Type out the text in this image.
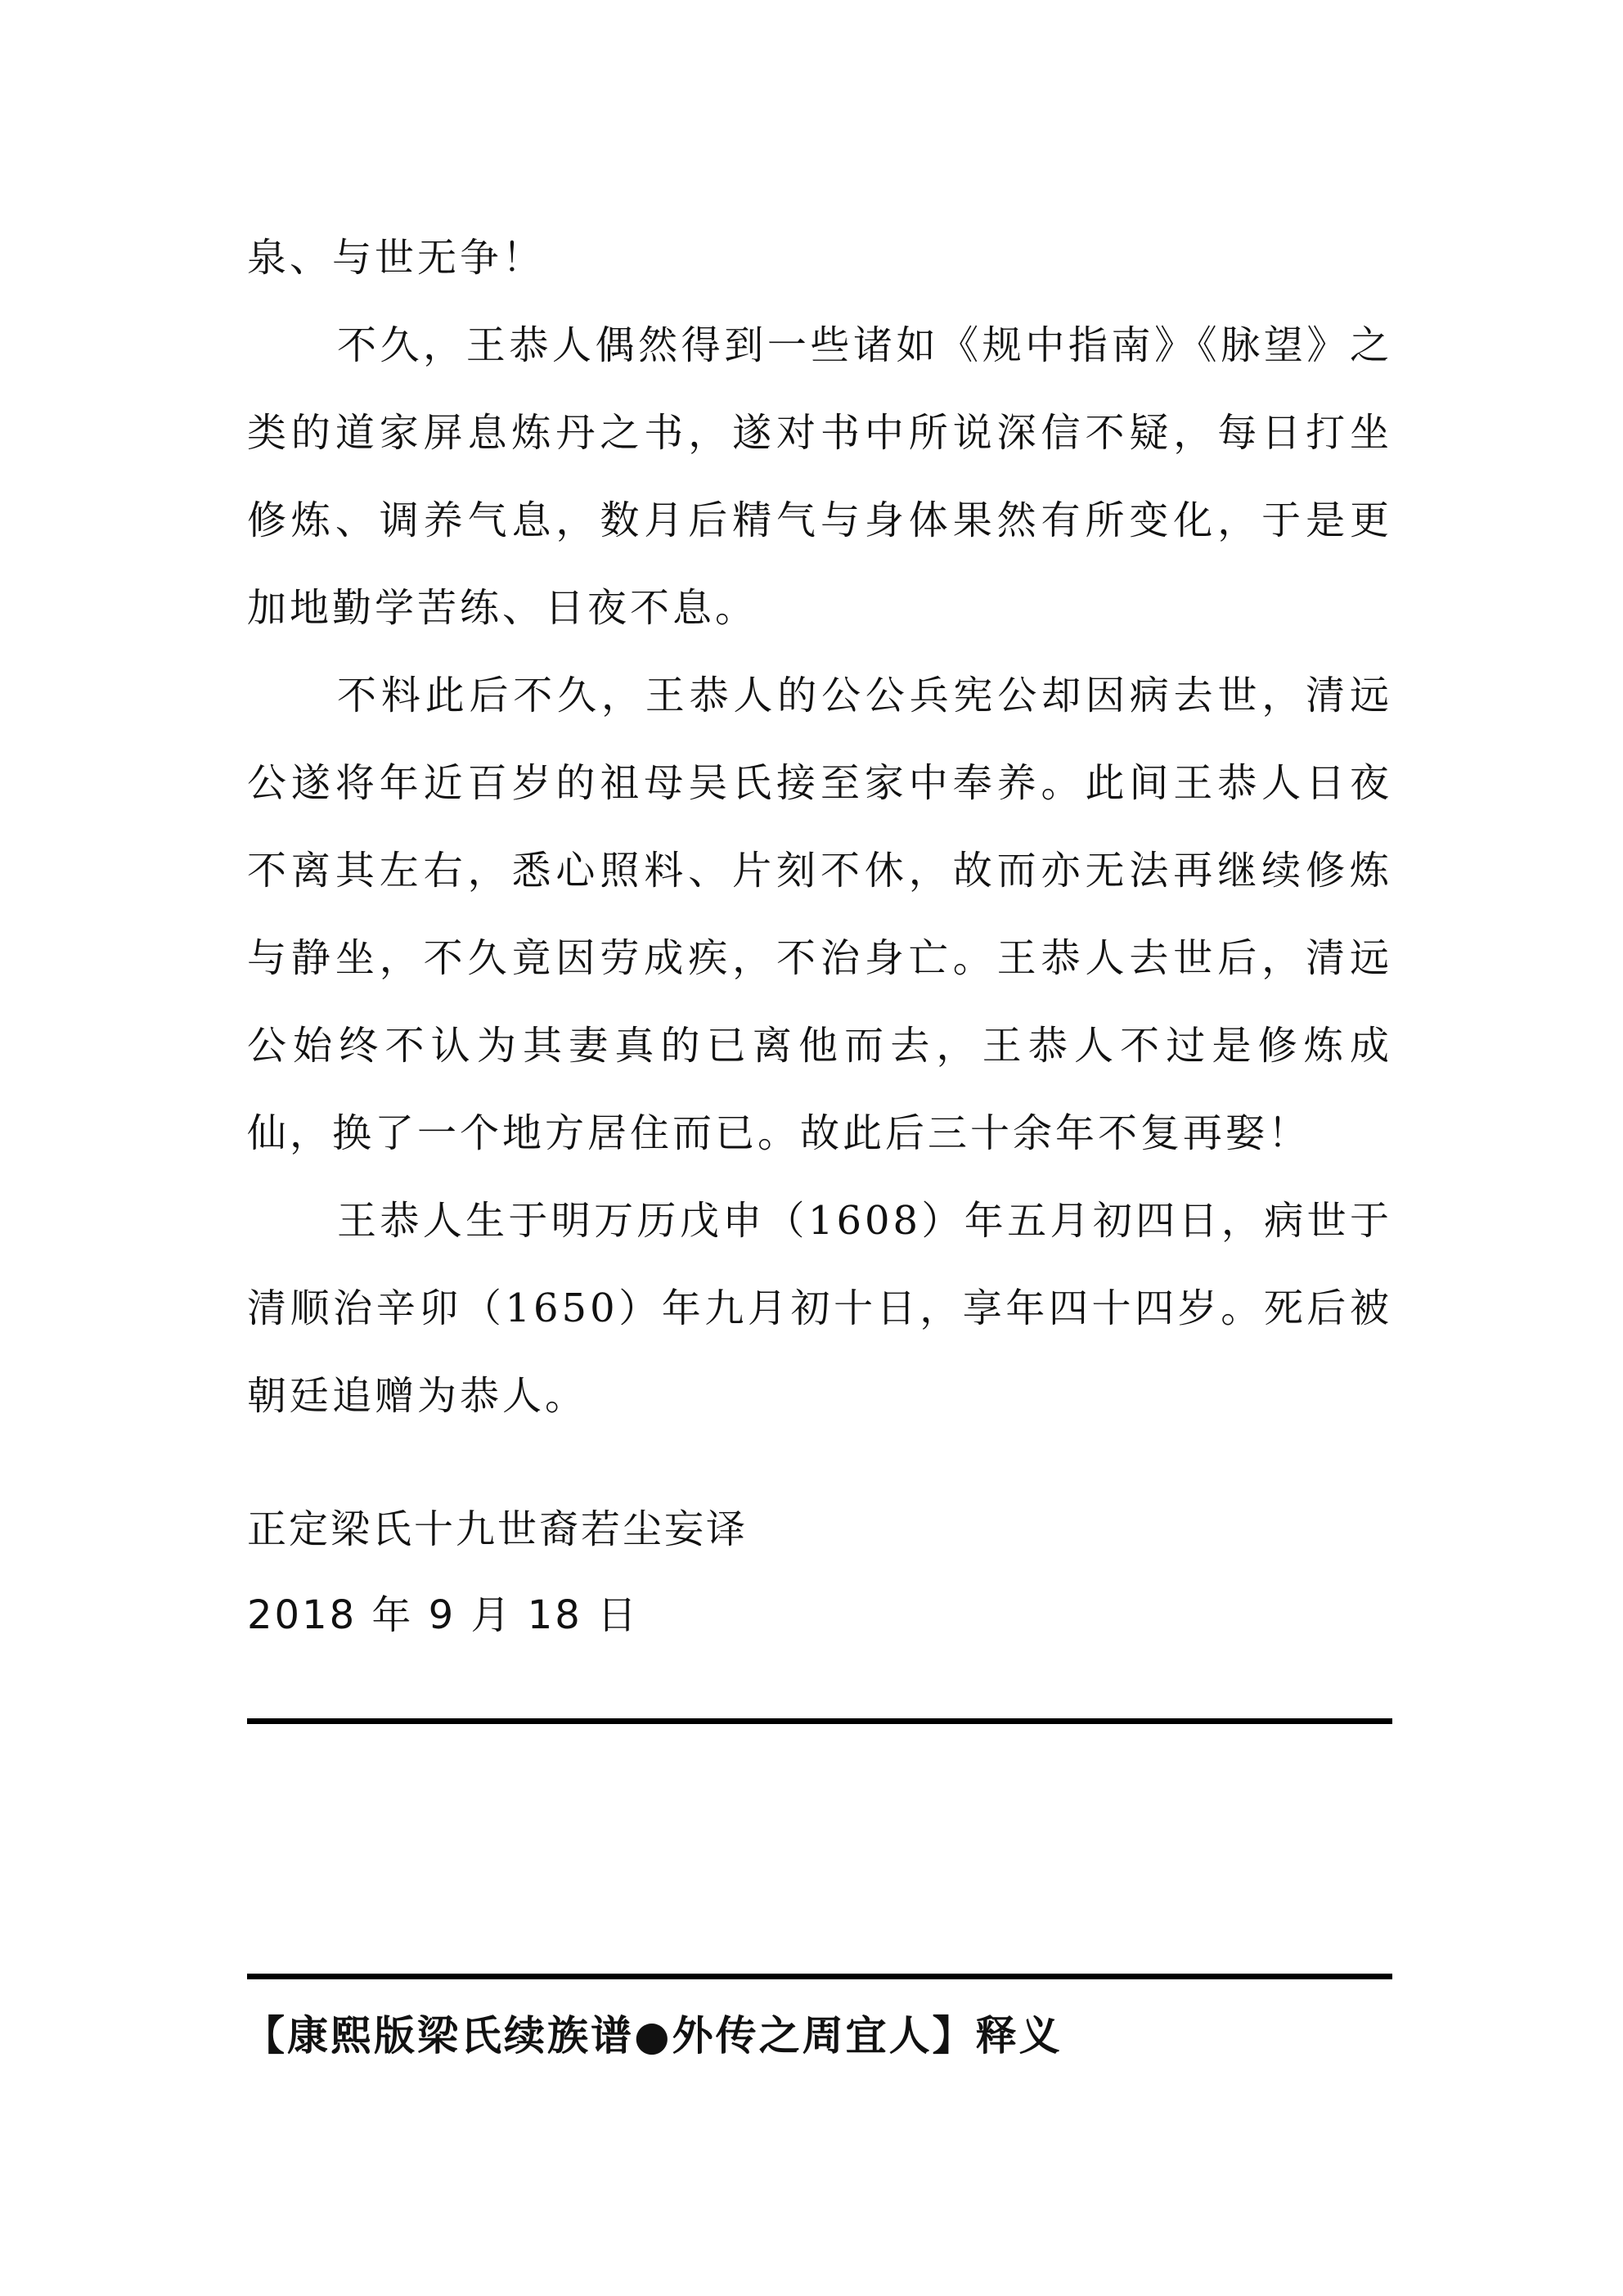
泉、与世无争！

不久，王恭人偶然得到一些诸如《规中指南》《脉望》之类的道家屏息炼丹之书，遂对书中所说深信不疑，每日打坐修炼、调养气息，数月后精气与身体果然有所变化，于是更加地勤学苦练、日夜不息。

不料此后不久，王恭人的公公兵宪公却因病去世，清远公遂将年近百岁的祖母吴氏接至家中奉养。此间王恭人日夜不离其左右，悉心照料、片刻不休，故而亦无法再继续修炼与静坐，不久竟因劳成疾，不治身亡。王恭人去世后，清远公始终不认为其妻真的已离他而去，王恭人不过是修炼成仙，换了一个地方居住而已。故此后三十余年不复再娶！

王恭人生于明万历戊申（1608）年五月初四日，病世于清顺治辛卯（1650）年九月初十日，享年四十四岁。死后被朝廷追赠为恭人。

正定梁氏十九世裔若尘妄译
2018 年 9 月 18 日
【康熙版梁氏续族谱●外传之周宜人】释义
